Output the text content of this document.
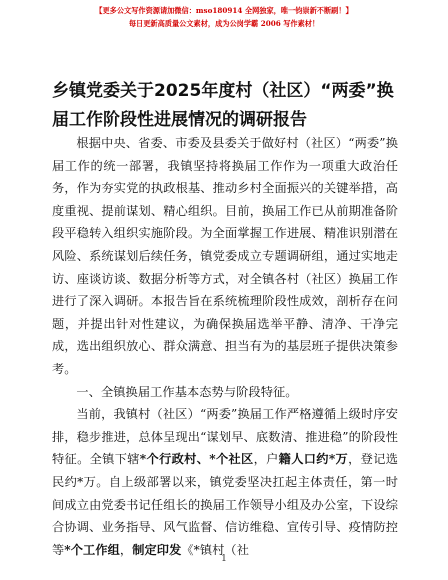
【更多公文写作资源请加微信：mso180914 全网独家，唯一钧崇新不断刷！】
每日更新高质量公文素材，成为公岗学霸 2006 写作素材！
乡镇党委关于2025年度村（社区）“两委”换届工作阶段性进展情况的调研报告

根据中央、省委、市委及县委关于做好村（社区）“两委”换届工作的统一部署，我镇坚持将换届工作作为一项重大政治任务，作为夯实党的执政根基、推动乡村全面振兴的关键举措，高度重视、提前谋划、精心组织。目前，换届工作已从前期准备阶段平稳转入组织实施阶段。为全面掌握工作进展、精准识别潜在风险、系统谋划后续任务，镇党委成立专题调研组，通过实地走访、座谈访谈、数据分析等方式，对全镇各村（社区）换届工作进行了深入调研。本报告旨在系统梳理阶段性成效，剖析存在问题，并提出针对性建议，为确保换届选举平静、清净、干净完成，选出组织放心、群众满意、担当有为的基层班子提供决策参考。

一、全镇换届工作基本态势与阶段特征。

当前，我镇村（社区）“两委”换届工作严格遵循上级时序安排，稳步推进，总体呈现出“谋划早、底数清、推进稳”的阶段性特征。全镇下辖*个行政村、*个社区，户籍人口约*万，登记选民约*万。自上级部署以来，镇党委坚决扛起主体责任，第一时间成立由党委书记任组长的换届工作领导小组及办公室，下设综合协调、业务指导、风气监督、信访维稳、宣传引导、疫情防控等*个工作组，制定印发《*镇村（社

1
